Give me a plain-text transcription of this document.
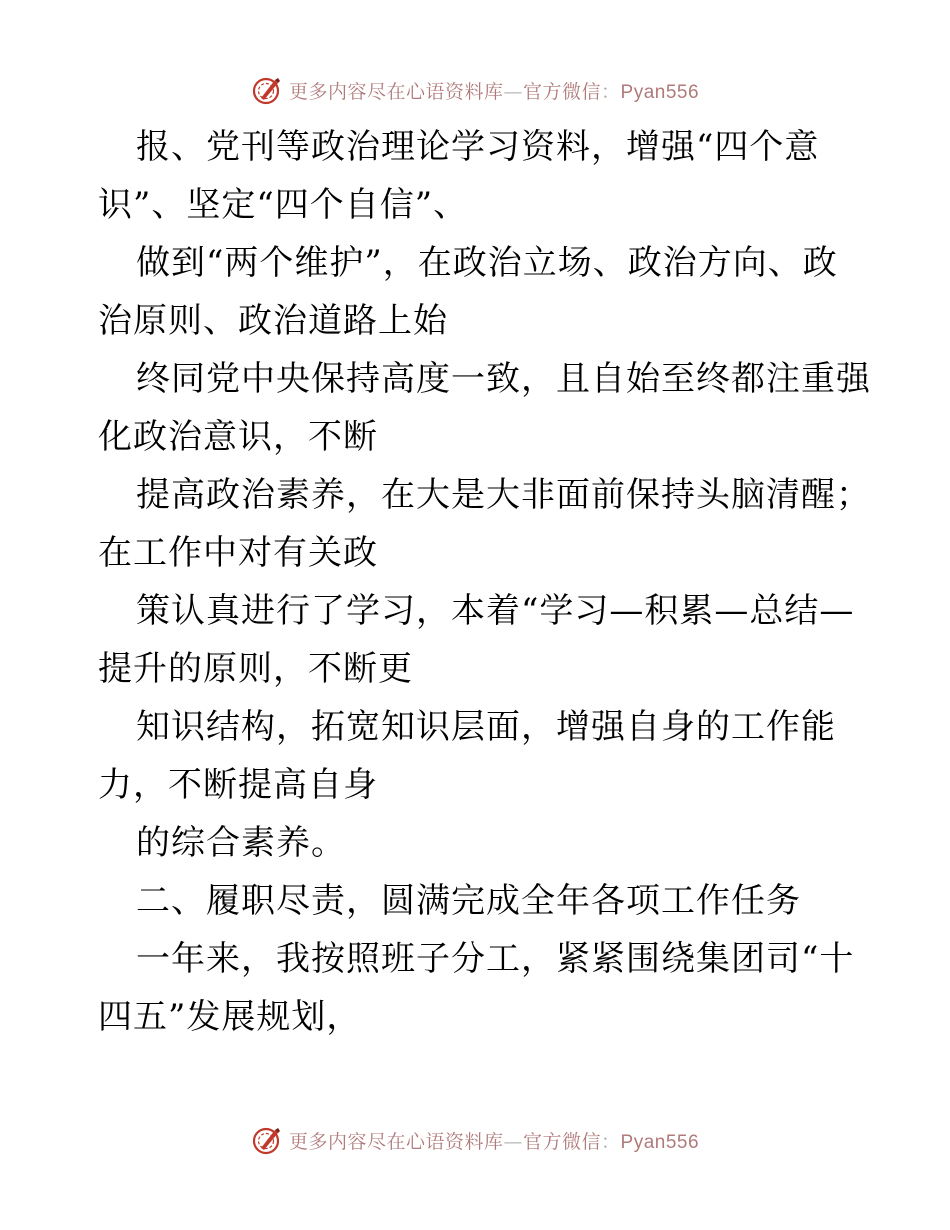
更多内容尽在心语资料库—官方微信：Pyan556
报、党刊等政治理论学习资料，增强“四个意
识”、坚定“四个自信”、
做到“两个维护”，在政治立场、政治方向、政
治原则、政治道路上始
终同党中央保持高度一致，且自始至终都注重强
化政治意识，不断
提高政治素养，在大是大非面前保持头脑清醒；
在工作中对有关政
策认真进行了学习，本着“学习—积累—总结—
提升的原则，不断更
知识结构，拓宽知识层面，增强自身的工作能
力，不断提高自身
的综合素养。
二、履职尽责，圆满完成全年各项工作任务
一年来，我按照班子分工，紧紧围绕集团司“十
四五”发展规划，
更多内容尽在心语资料库—官方微信：Pyan556
